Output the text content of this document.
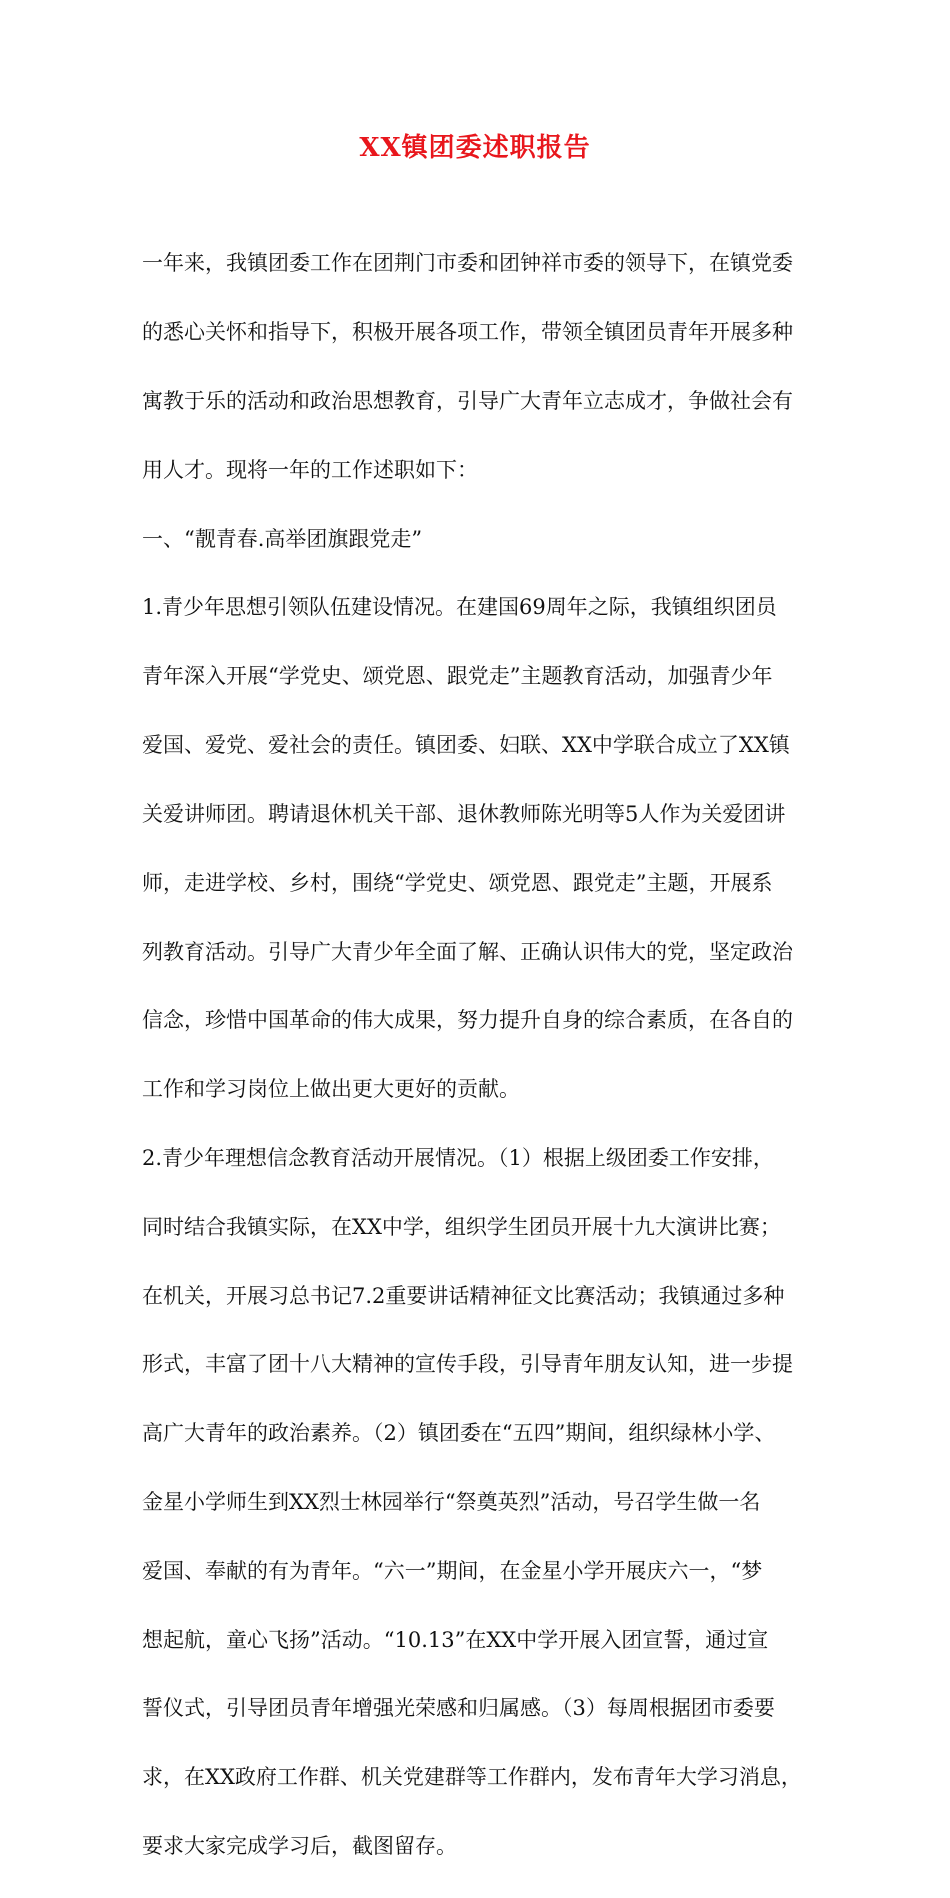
XX镇团委述职报告

一年来，我镇团委工作在团荆门市委和团钟祥市委的领导下，在镇党委

的悉心关怀和指导下，积极开展各项工作，带领全镇团员青年开展多种

寓教于乐的活动和政治思想教育，引导广大青年立志成才，争做社会有

用人才。现将一年的工作述职如下：

一、“靓青春.高举团旗跟党走”

1.青少年思想引领队伍建设情况。在建国69周年之际，我镇组织团员

青年深入开展“学党史、颂党恩、跟党走”主题教育活动，加强青少年

爱国、爱党、爱社会的责任。镇团委、妇联、XX中学联合成立了XX镇

关爱讲师团。聘请退休机关干部、退休教师陈光明等5人作为关爱团讲

师，走进学校、乡村，围绕“学党史、颂党恩、跟党走”主题，开展系

列教育活动。引导广大青少年全面了解、正确认识伟大的党，坚定政治

信念，珍惜中国革命的伟大成果，努力提升自身的综合素质，在各自的

工作和学习岗位上做出更大更好的贡献。

2.青少年理想信念教育活动开展情况。（1）根据上级团委工作安排，

同时结合我镇实际，在XX中学，组织学生团员开展十九大演讲比赛；

在机关，开展习总书记7.2重要讲话精神征文比赛活动；我镇通过多种

形式，丰富了团十八大精神的宣传手段，引导青年朋友认知，进一步提

高广大青年的政治素养。（2）镇团委在“五四”期间，组织绿林小学、

金星小学师生到XX烈士林园举行“祭奠英烈”活动，号召学生做一名

爱国、奉献的有为青年。“六一”期间，在金星小学开展庆六一，“梦

想起航，童心飞扬”活动。“10.13”在XX中学开展入团宣誓，通过宣

誓仪式，引导团员青年增强光荣感和归属感。（3）每周根据团市委要

求，在XX政府工作群、机关党建群等工作群内，发布青年大学习消息，

要求大家完成学习后，截图留存。
